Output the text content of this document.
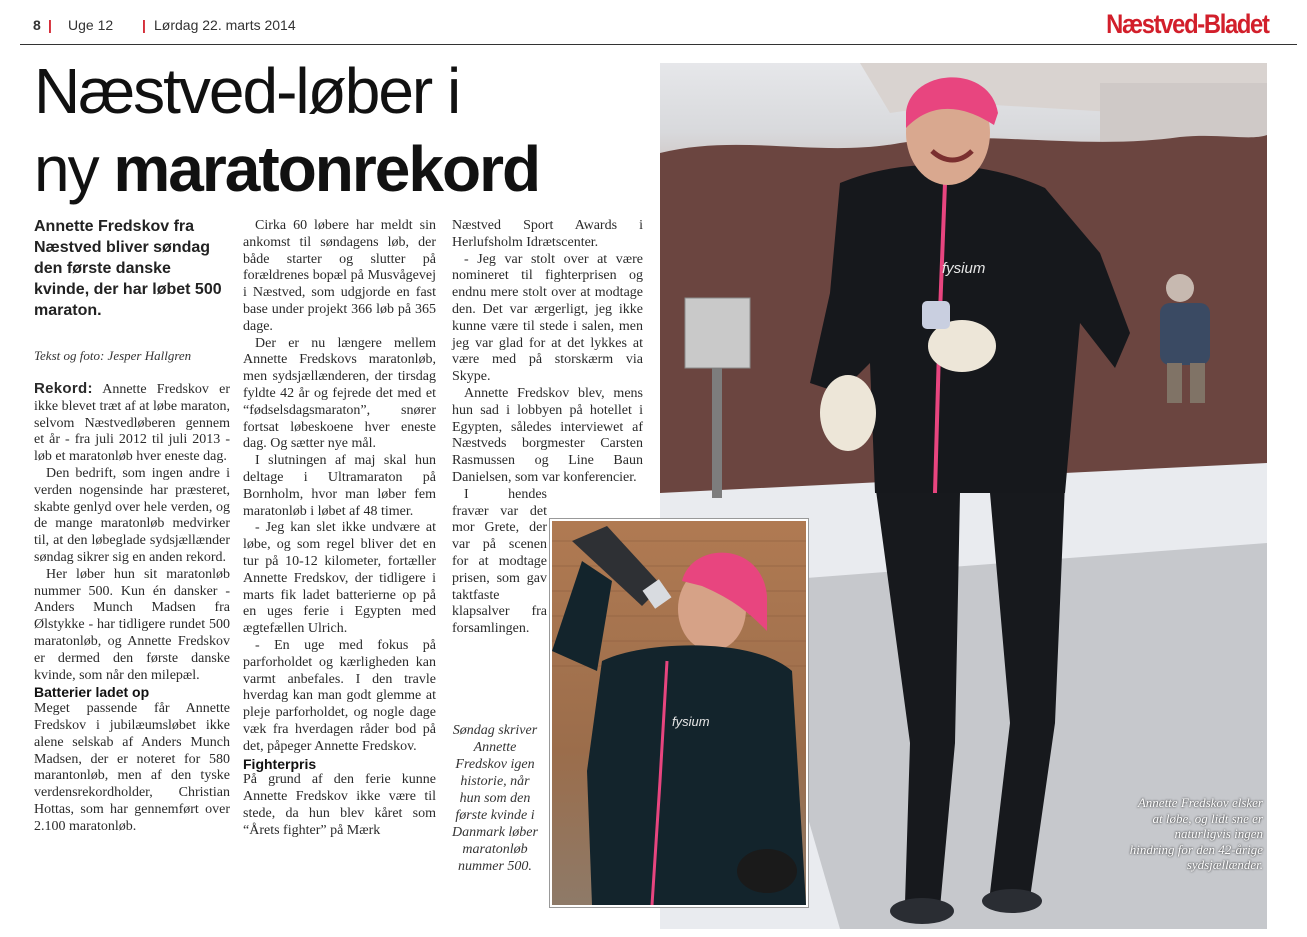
8 | Uge 12 | Lørdag 22. marts 2014	Næstved-Bladet
Næstved-løber i
ny maratonrekord
Annette Fredskov fra Næstved bliver søndag den første danske kvinde, der har løbet 500 maraton.
Tekst og foto: Jesper Hallgren

Rekord: Annette Fredskov er ikke blevet træt af at løbe maraton, selvom Næstvedløberen gennem et år - fra juli 2012 til juli 2013 - løb et maratonløb hver eneste dag.

Den bedrift, som ingen andre i verden nogensinde har præsteret, skabte genlyd over hele verden, og de mange maratonløb medvirker til, at den løbeglade sydsjællænder søndag sikrer sig en anden rekord.

Her løber hun sit maratonløb nummer 500. Kun én dansker - Anders Munch Madsen fra Ølstykke - har tidligere rundet 500 maratonløb, og Annette Fredskov er dermed den første danske kvinde, som når den milepæl.

Batterier ladet op

Meget passende får Annette Fredskov i jubilæumsløbet ikke alene selskab af Anders Munch Madsen, der er noteret for 580 marantonløb, men af den tyske verdensrekordholder, Christian Hottas, som har gennemført over 2.100 maratonløb.

Cirka 60 løbere har meldt sin ankomst til søndagens løb, der både starter og slutter på forældrenes bopæl på Musvågevej i Næstved, som udgjorde en fast base under projekt 366 løb på 365 dage.

Der er nu længere mellem Annette Fredskovs maratonløb, men sydsjællænderen, der tirsdag fyldte 42 år og fejrede det med et “fødselsdagsmaraton”, snører fortsat løbeskoene hver eneste dag. Og sætter nye mål.

I slutningen af maj skal hun deltage i Ultramaraton på Bornholm, hvor man løber fem maratonløb i løbet af 48 timer.

- Jeg kan slet ikke undvære at løbe, og som regel bliver det en tur på 10-12 kilometer, fortæller Annette Fredskov, der tidligere i marts fik ladet batterierne op på en uges ferie i Egypten med ægtefællen Ulrich.

- En uge med fokus på parforholdet og kærligheden kan varmt anbefales. I den travle hverdag kan man godt glemme at pleje parforholdet, og nogle dage væk fra hverdagen råder bod på det, påpeger Annette Fredskov.

Fighterpris

På grund af den ferie kunne Annette Fredskov ikke være til stede, da hun blev kåret som “Årets fighter” på Mærk

Næstved Sport Awards i Herlufsholm Idrætscenter.

- Jeg var stolt over at være nomineret til fighterprisen og endnu mere stolt over at modtage den. Det var ærgerligt, jeg ikke kunne være til stede i salen, men jeg var glad for at det lykkes at være med på storskærm via Skype.

Annette Fredskov blev, mens hun sad i lobbyen på hotellet i Egypten, således interviewet af Næstveds borgmester Carsten Rasmussen og Line Baun Danielsen, som var konferencier.

I hendes fravær var det mor Grete, der var på scenen for at modtage prisen, som gav taktfaste klapsalver fra forsamlingen.

fysium
fysium
Søndag skriver Annette Fredskov igen historie, når hun som den første kvinde i Danmark løber maratonløb nummer 500.
Annette Fredskov elsker at løbe, og lidt sne er naturligvis ingen hindring for den 42-årige sydsjællænder.
